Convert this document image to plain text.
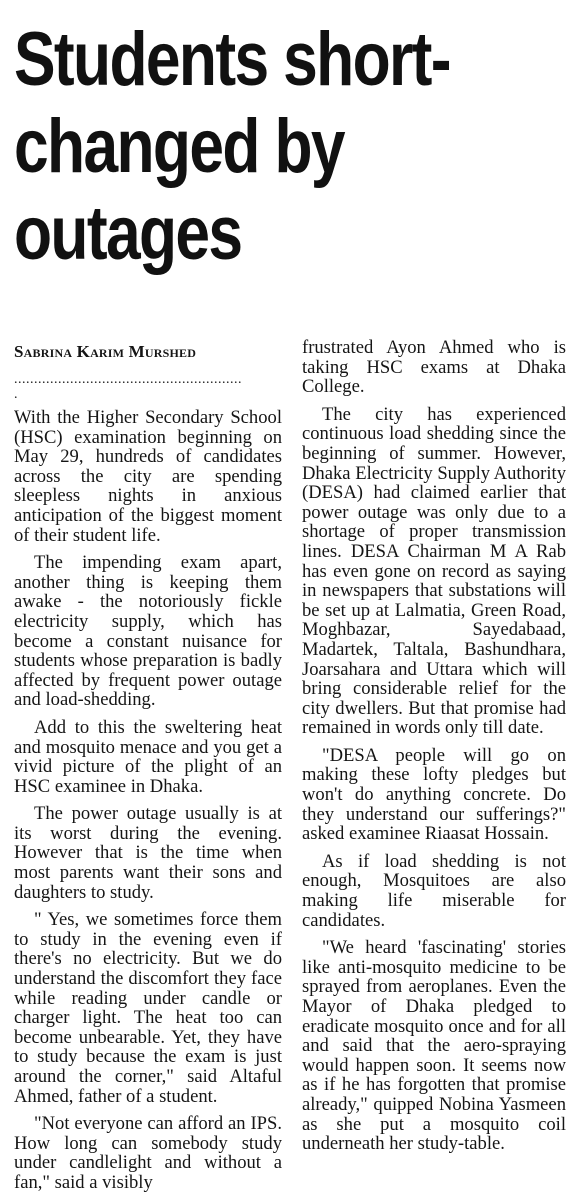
Students short-
changed by
outages
Sabrina Karim Murshed
.........................................................
.

With the Higher Secondary School (HSC) examination beginning on May 29, hundreds of candidates across the city are spending sleepless nights in anxious anticipation of the biggest moment of their student life.

The impending exam apart, another thing is keeping them awake - the notoriously fickle electricity supply, which has become a constant nuisance for students whose preparation is badly affected by frequent power outage and load-shedding.

Add to this the sweltering heat and mosquito menace and you get a vivid picture of the plight of an HSC examinee in Dhaka.

The power outage usually is at its worst during the evening. However that is the time when most parents want their sons and daughters to study.

" Yes, we sometimes force them to study in the evening even if there's no electricity. But we do understand the discomfort they face while reading under candle or charger light. The heat too can become unbearable. Yet, they have to study because the exam is just around the corner," said Altaful Ahmed, father of a student.

"Not everyone can afford an IPS. How long can somebody study under candlelight and without a fan," said a visibly

frustrated Ayon Ahmed who is taking HSC exams at Dhaka College.

The city has experienced continuous load shedding since the beginning of summer. However, Dhaka Electricity Supply Authority (DESA) had claimed earlier that power outage was only due to a shortage of proper transmission lines. DESA Chairman M A Rab has even gone on record as saying in newspapers that substations will be set up at Lalmatia, Green Road, Moghbazar, Sayedabaad, Madartek, Taltala, Bashundhara, Joarsahara and Uttara which will bring considerable relief for the city dwellers. But that promise had remained in words only till date.

"DESA people will go on making these lofty pledges but won't do anything concrete. Do they understand our sufferings?" asked examinee Riaasat Hossain.

As if load shedding is not enough, Mosquitoes are also making life miserable for candidates.

"We heard 'fascinating' stories like anti-mosquito medicine to be sprayed from aeroplanes. Even the Mayor of Dhaka pledged to eradicate mosquito once and for all and said that the aero-spraying would happen soon. It seems now as if he has forgotten that promise already," quipped Nobina Yasmeen as she put a mosquito coil underneath her study-table.
